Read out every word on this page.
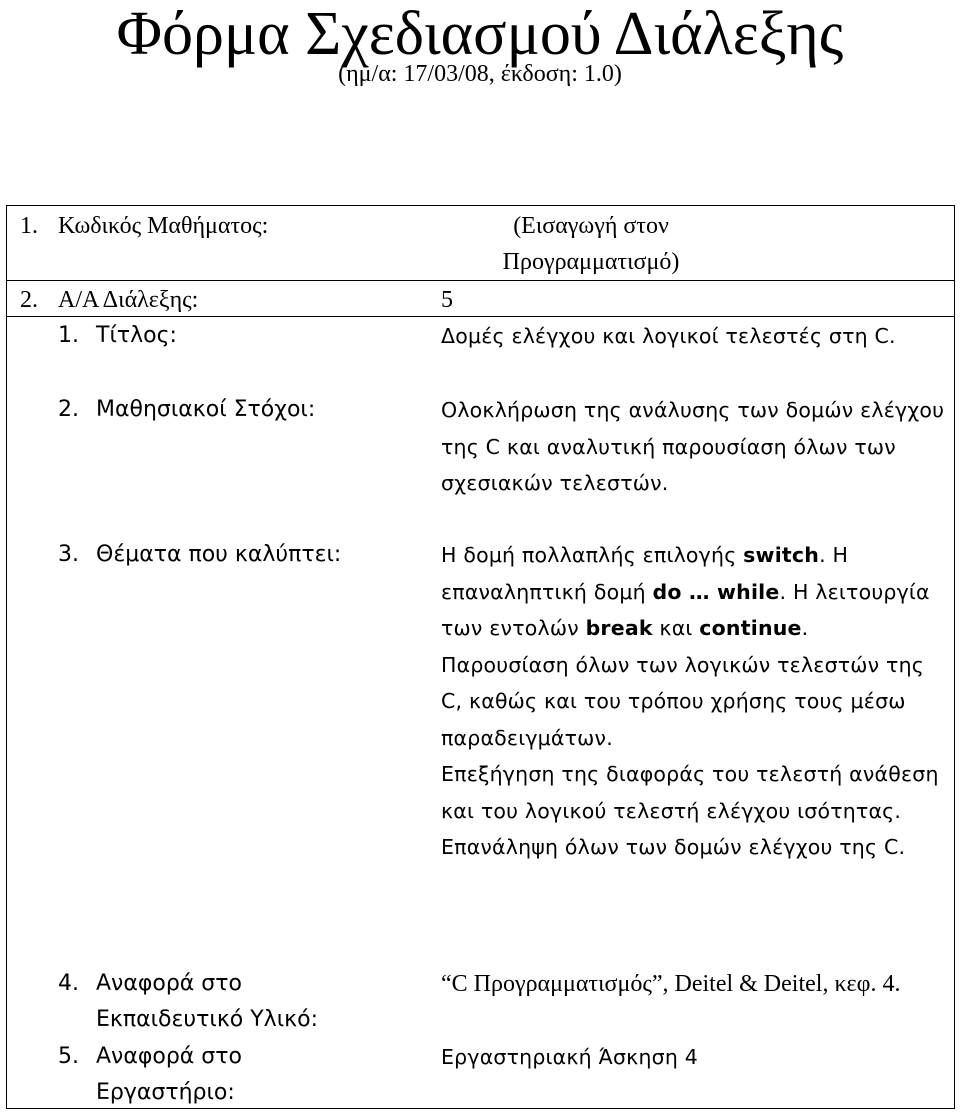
Φόρμα Σχεδιασμού Διάλεξης
(ημ/α: 17/03/08, έκδοση: 1.0)
1. Κωδικός Μαθήματος:	(Εισαγωγή στον

Προγραμματισμό)

2. Α/Α Διάλεξης:	5
1. Τίτλος:	Δομές ελέγχου και λογικοί τελεστές στη C.
2. Μαθησιακοί Στόχοι:	Ολοκλήρωση της ανάλυσης των δομών ελέγχου της C και αναλυτική παρουσίαση όλων των σχεσιακών τελεστών.
3. Θέματα που καλύπτει:	Η δομή πολλαπλής επιλογής switch. Η επαναληπτική δομή do … while. Η λειτουργία των εντολών break και continue.

Παρουσίαση όλων των λογικών τελεστών της C, καθώς και του τρόπου χρήσης τους μέσω παραδειγμάτων.

Επεξήγηση της διαφοράς του τελεστή ανάθεση και του λογικού τελεστή ελέγχου ισότητας.

Επανάληψη όλων των δομών ελέγχου της C.

4. Αναφορά στο
Εκπαιδευτικό Υλικό:
“C Προγραμματισμός”, Deitel & Deitel, κεφ. 4.
5. Αναφορά στο
Εργαστήριο:
Εργαστηριακή Άσκηση 4
